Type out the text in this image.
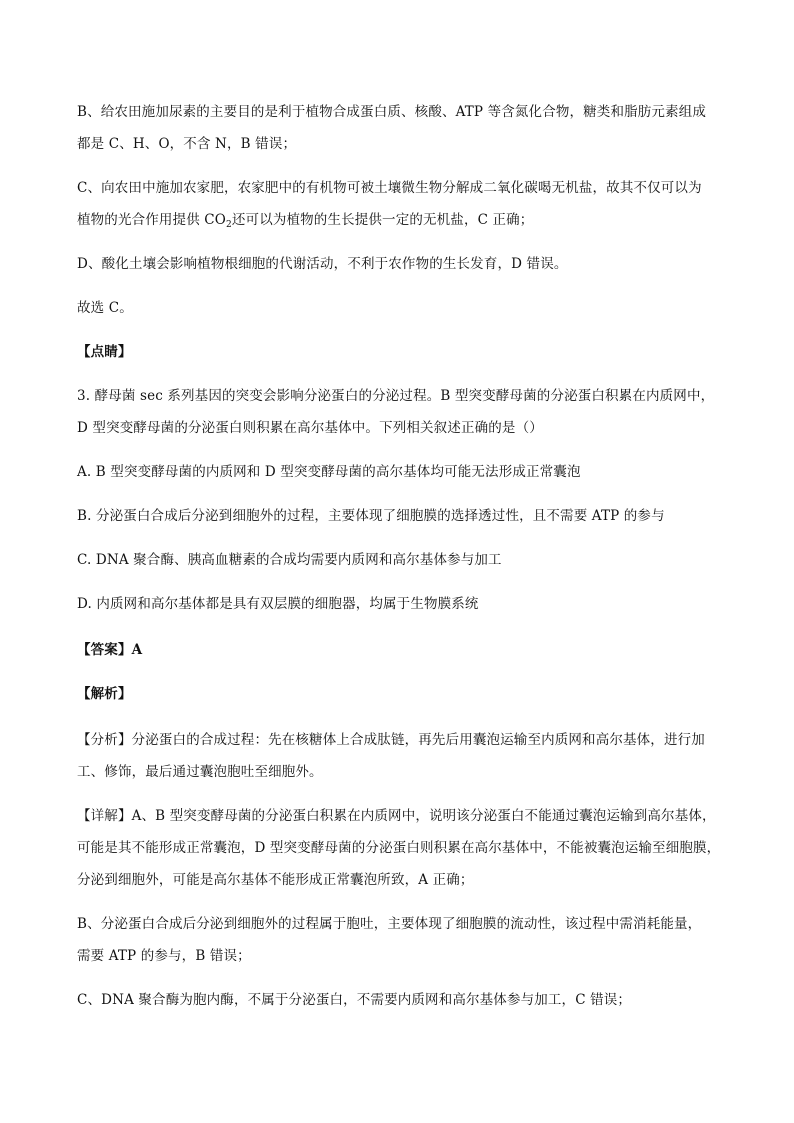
B、给农田施加尿素的主要目的是利于植物合成蛋白质、核酸、ATP 等含氮化合物，糖类和脂肪元素组成
都是 C、H、O，不含 N，B 错误；
C、向农田中施加农家肥，农家肥中的有机物可被土壤微生物分解成二氧化碳喝无机盐，故其不仅可以为
植物的光合作用提供 $CO_2$还可以为植物的生长提供一定的无机盐，C 正确；
D、酸化土壤会影响植物根细胞的代谢活动，不利于农作物的生长发育，D 错误。
故选 C。
【点睛】
3. 酵母菌 sec 系列基因的突变会影响分泌蛋白的分泌过程。B 型突变酵母菌的分泌蛋白积累在内质网中，
D 型突变酵母菌的分泌蛋白则积累在高尔基体中。下列相关叙述正确的是（）
A. B 型突变酵母菌的内质网和 D 型突变酵母菌的高尔基体均可能无法形成正常囊泡
B. 分泌蛋白合成后分泌到细胞外的过程，主要体现了细胞膜的选择透过性，且不需要 ATP 的参与
C. DNA 聚合酶、胰高血糖素的合成均需要内质网和高尔基体参与加工
D. 内质网和高尔基体都是具有双层膜的细胞器，均属于生物膜系统
【答案】A
【解析】
【分析】分泌蛋白的合成过程：先在核糖体上合成肽链，再先后用囊泡运输至内质网和高尔基体，进行加
工、修饰，最后通过囊泡胞吐至细胞外。
【详解】A、B 型突变酵母菌的分泌蛋白积累在内质网中，说明该分泌蛋白不能通过囊泡运输到高尔基体，
可能是其不能形成正常囊泡，D 型突变酵母菌的分泌蛋白则积累在高尔基体中，不能被囊泡运输至细胞膜，
分泌到细胞外，可能是高尔基体不能形成正常囊泡所致，A 正确；
B、分泌蛋白合成后分泌到细胞外的过程属于胞吐，主要体现了细胞膜的流动性，该过程中需消耗能量，
需要 ATP 的参与，B 错误；
C、DNA 聚合酶为胞内酶，不属于分泌蛋白，不需要内质网和高尔基体参与加工，C 错误；
